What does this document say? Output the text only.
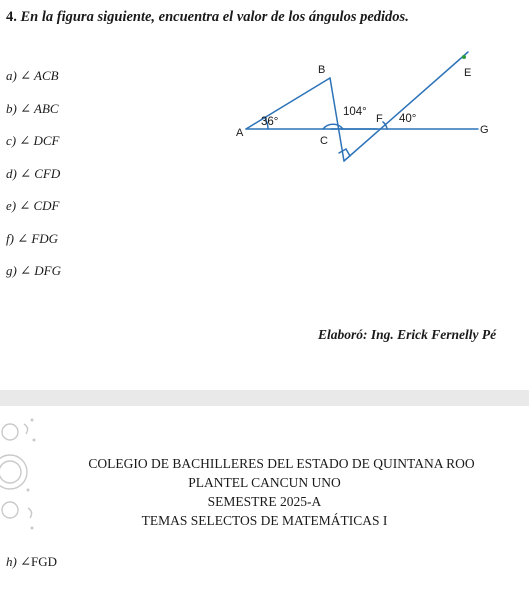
4. En la figura siguiente, encuentra el valor de los ángulos pedidos.
a) ∠ ACB
b) ∠ ABC
c) ∠ DCF
d) ∠ CFD
e) ∠ CDF
f) ∠ FDG
g) ∠ DFG
B	E
A
C
F
G
36°
104°
40°
Elaboró: Ing. Erick Fernelly Pé
COLEGIO DE BACHILLERES DEL ESTADO DE QUINTANA ROO
PLANTEL CANCUN UNO
SEMESTRE 2025-A
TEMAS SELECTOS DE MATEMÁTICAS I
h) ∠FGD
